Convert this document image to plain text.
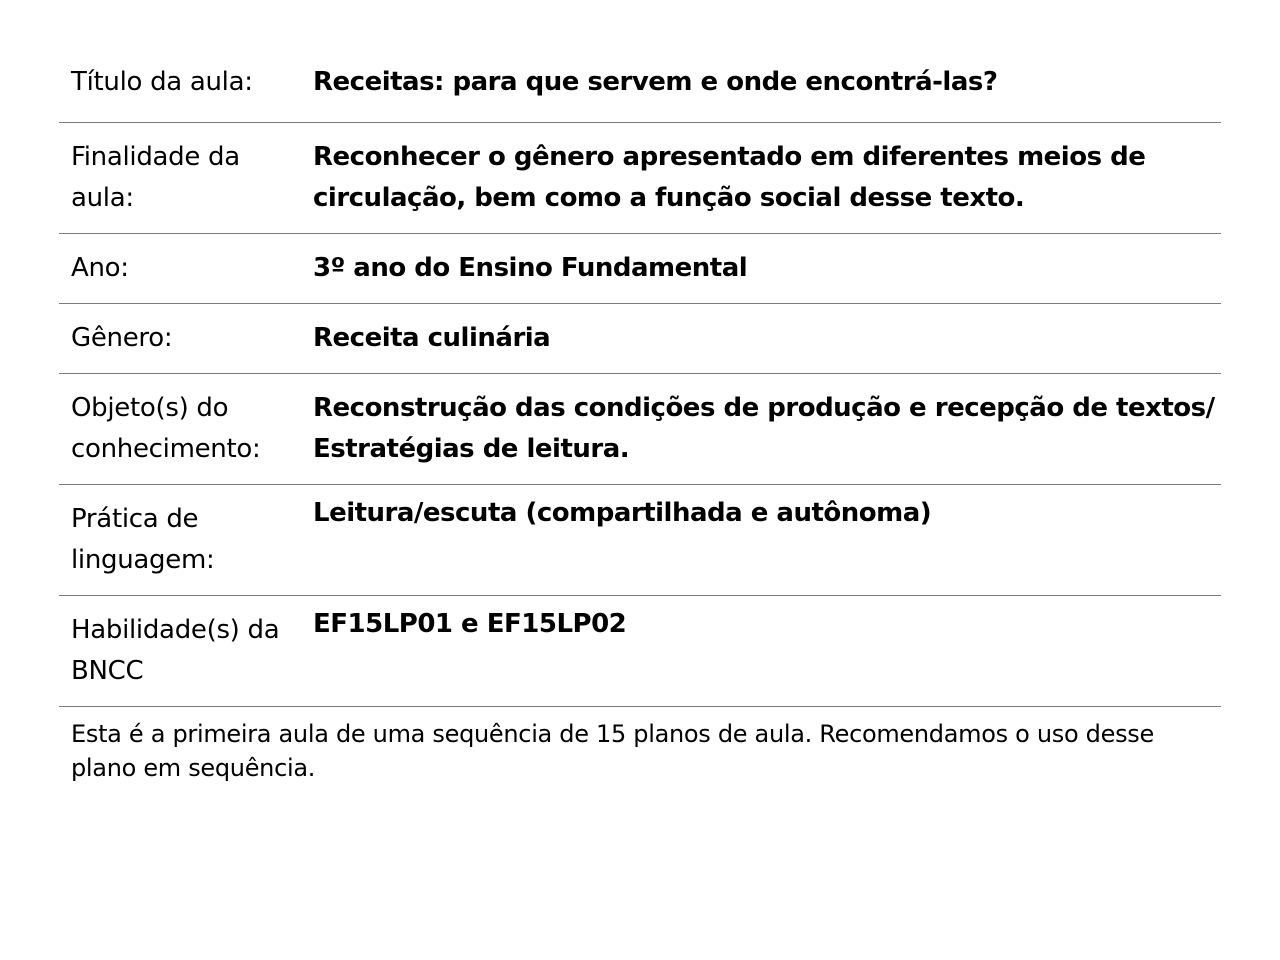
Título da aula:	Receitas: para que servem e onde encontrá-las?
Finalidade da aula:	Reconhecer o gênero apresentado em diferentes meios de circulação, bem como a função social desse texto.
Ano:	3º ano do Ensino Fundamental
Gênero:	Receita culinária
Objeto(s) do conhecimento:	Reconstrução das condições de produção e recepção de textos/ Estratégias de leitura.
Prática de linguagem:	Leitura/escuta (compartilhada e autônoma)
Habilidade(s) da BNCC	EF15LP01 e EF15LP02
Esta é a primeira aula de uma sequência de 15 planos de aula. Recomendamos o uso desse plano em sequência.
